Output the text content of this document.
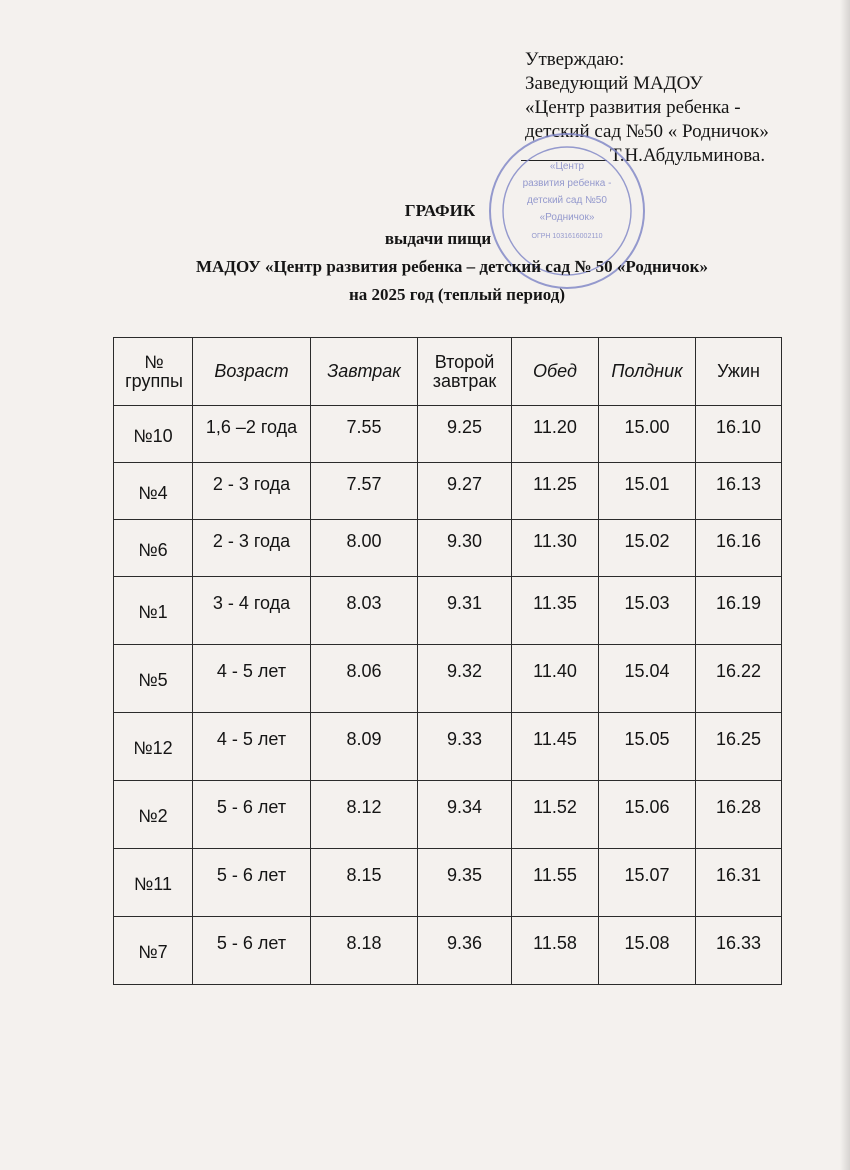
Утверждаю:
Заведующий МАДОУ
«Центр развития ребенка -
детский сад №50 « Родничок»
Т.Н.Абдульминова.
«Центр
развития ребенка -
детский сад №50
«Родничок»
ОГРН 1031616002110
ГРАФИК
выдачи пищи
МАДОУ «Центр развития ребенка – детский сад № 50 «Родничок»
на 2025 год (теплый период)
№ группы	Возраст	Завтрак	Второй завтрак	Обед	Полдник	Ужин
№10	1,6 –2 года	7.55	9.25	11.20	15.00	16.10
№4	2 - 3 года	7.57	9.27	11.25	15.01	16.13
№6	2 - 3 года	8.00	9.30	11.30	15.02	16.16
№1	3 - 4 года	8.03	9.31	11.35	15.03	16.19
№5	4 - 5 лет	8.06	9.32	11.40	15.04	16.22
№12	4 - 5 лет	8.09	9.33	11.45	15.05	16.25
№2	5 - 6 лет	8.12	9.34	11.52	15.06	16.28
№11	5 - 6 лет	8.15	9.35	11.55	15.07	16.31
№7	5 - 6 лет	8.18	9.36	11.58	15.08	16.33
